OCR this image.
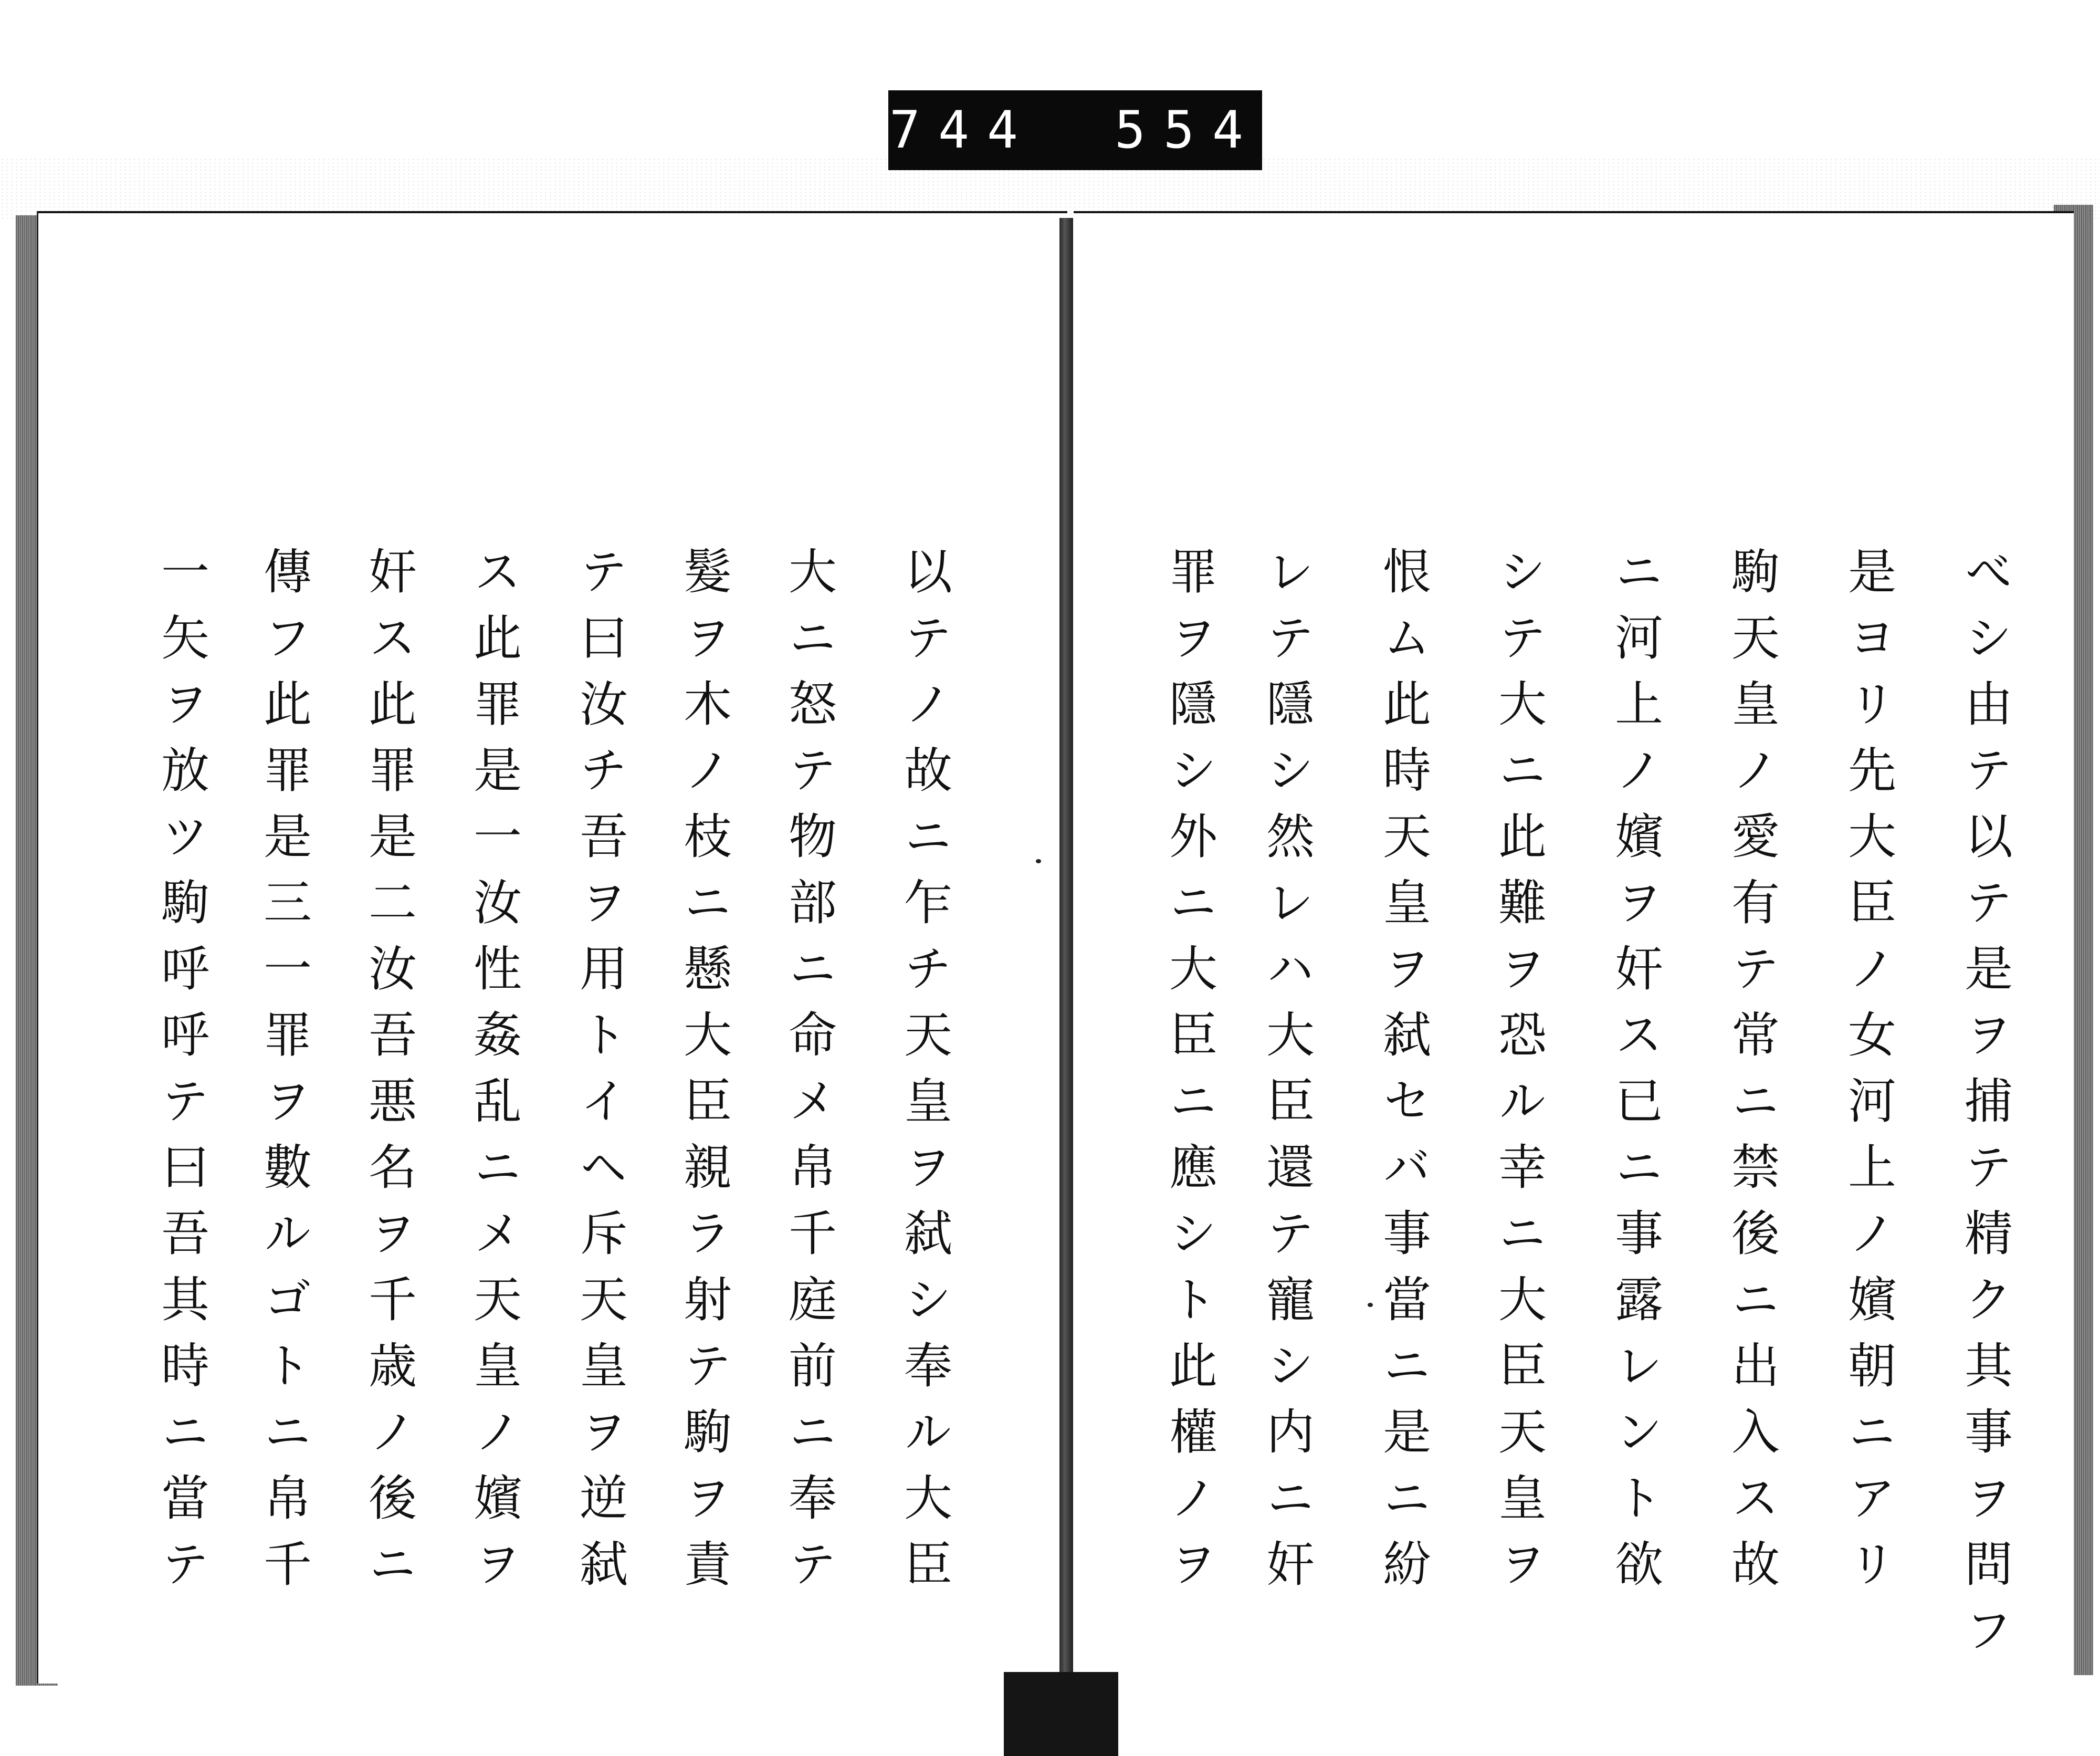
744 554
べシ由テ以テ是ヲ捕テ精ク其事ヲ問フ
是ヨリ先大臣ノ女河上ノ嬪朝ニアリ
駒天皇ノ愛有テ常ニ禁後ニ出入ス故
ニ河上ノ嬪ヲ奸ス已ニ事露レント欲
シテ大ニ此難ヲ恐ル幸ニ大臣天皇ヲ
恨ム此時天皇ヲ弑セバ事當ニ是ニ紛
レテ隱シ然レハ大臣還テ寵シ内ニ奸
罪ヲ隱シ外ニ大臣ニ應シト此權ノヲ
以テノ故ニ乍チ天皇ヲ弑シ奉ル大臣
大ニ怒テ物部ニ命メ帛千庭前ニ奉テ
髮ヲ木ノ枝ニ懸大臣親ラ射テ駒ヲ責
テ曰汝チ吾ヲ用トイヘ斥天皇ヲ逆弑
ス此罪是一汝性姦乱ニメ天皇ノ嬪ヲ
奸ス此罪是二汝吾悪名ヲ千歳ノ後ニ
傳フ此罪是三一罪ヲ數ルゴトニ帛千
一矢ヲ放ツ駒呼呼テ曰吾其時ニ當テ
